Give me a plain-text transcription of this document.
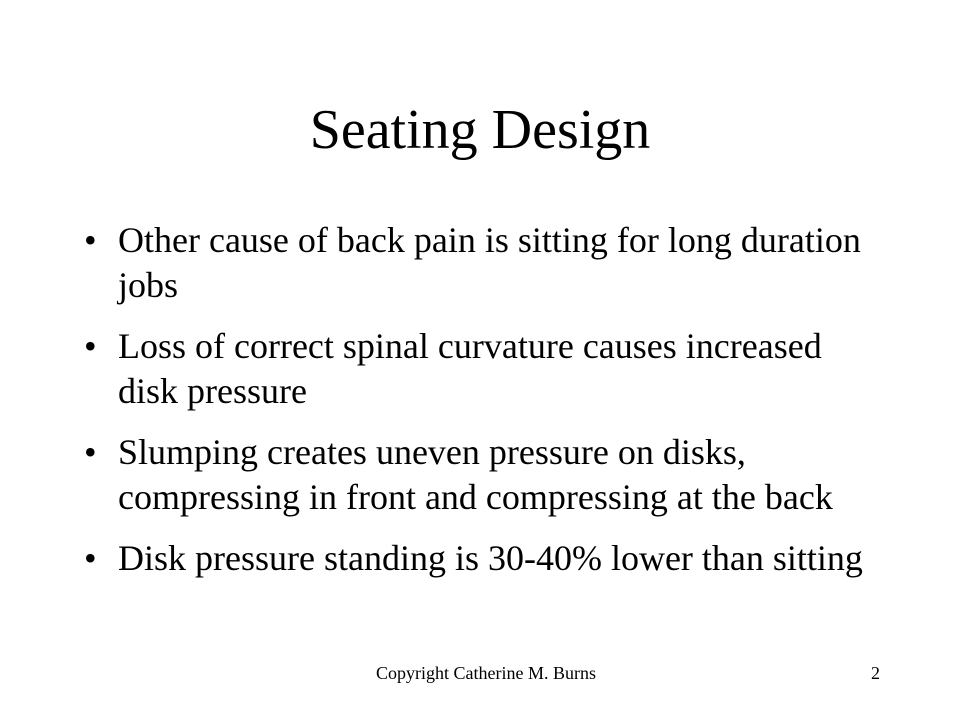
Seating Design
• Other cause of back pain is sitting for long duration jobs
• Loss of correct spinal curvature causes increased disk pressure
• Slumping creates uneven pressure on disks, compressing in front and compressing at the back
• Disk pressure standing is 30-40% lower than sitting
Copyright Catherine M. Burns	2
